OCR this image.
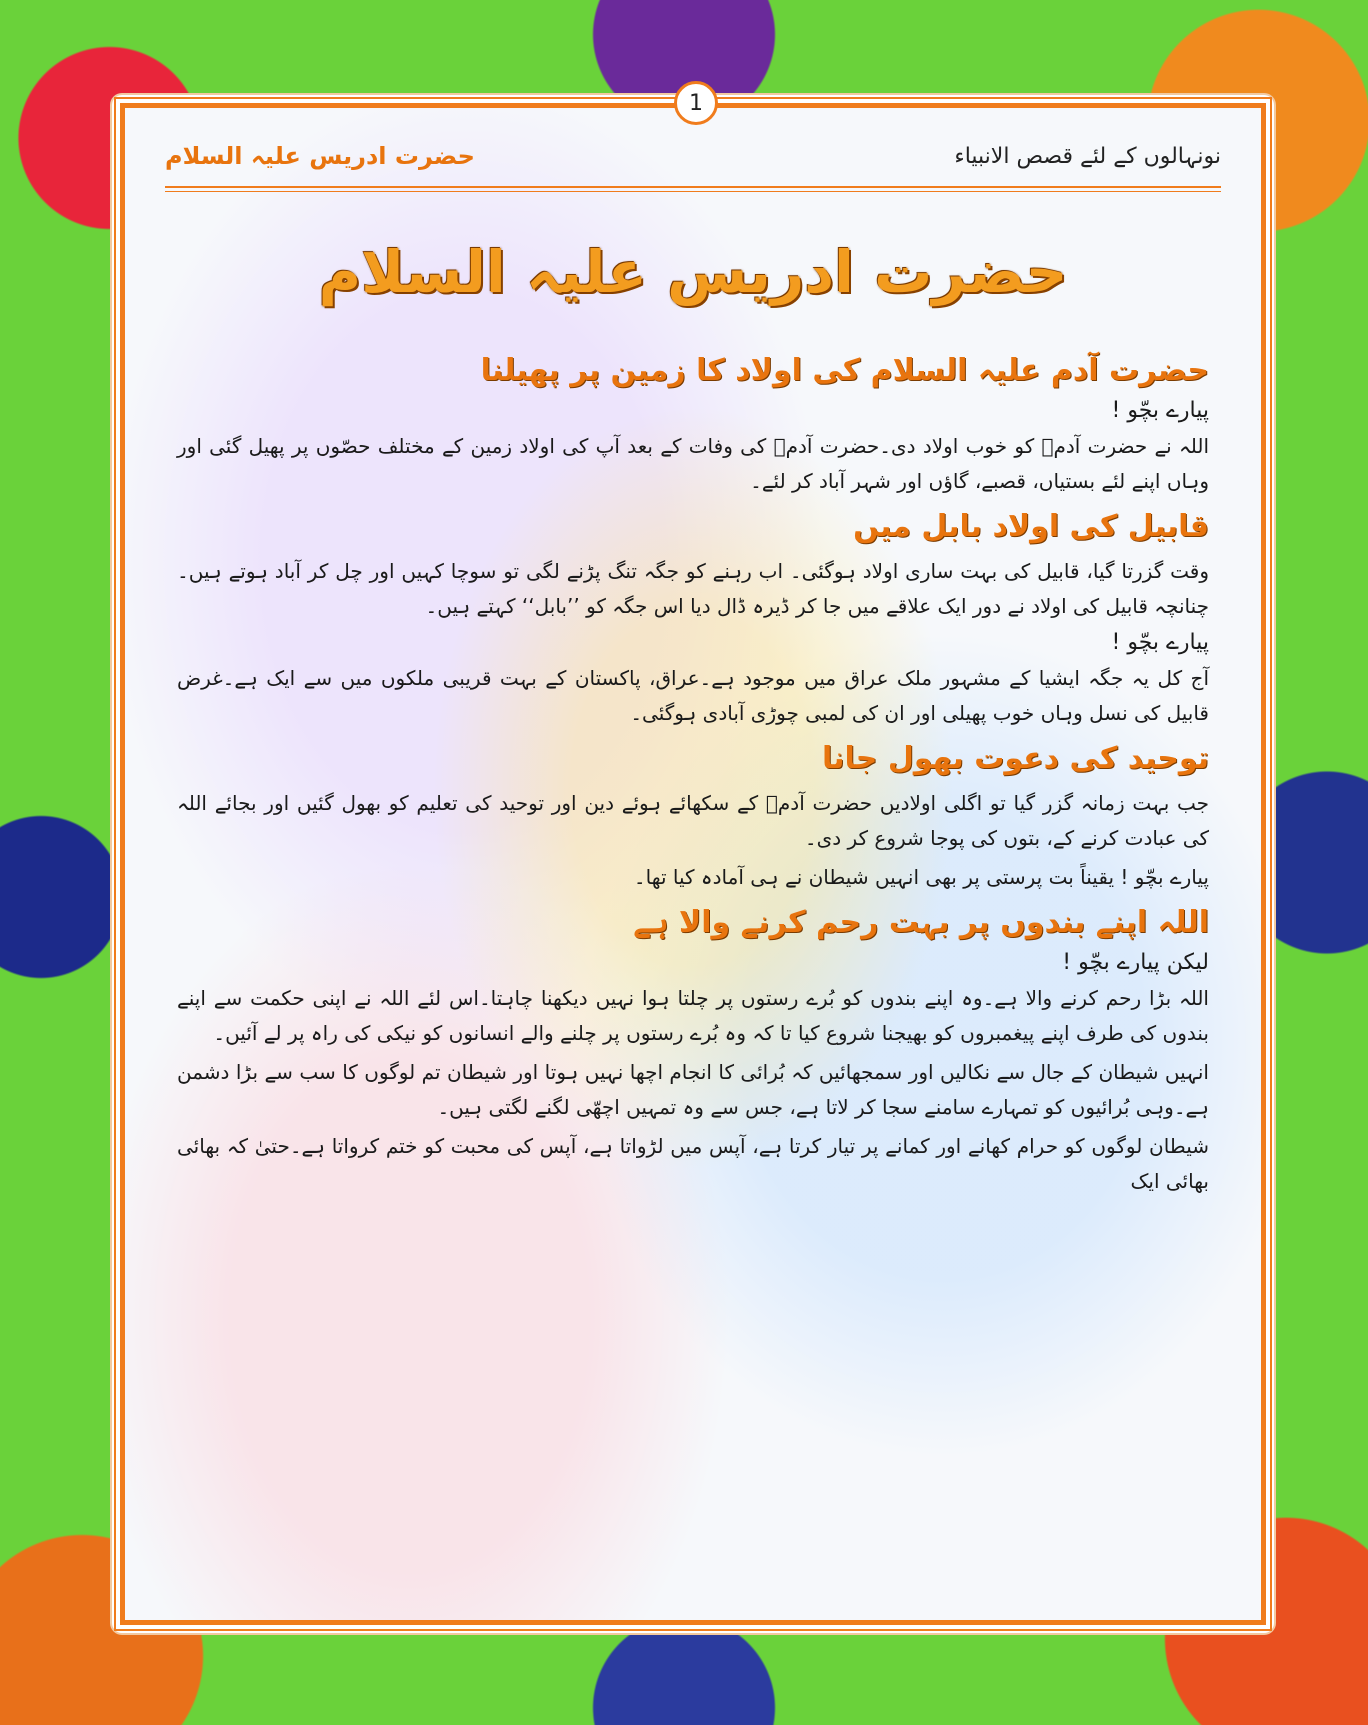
1
نونہالوں کے لئے قصص الانبیاء
حضرت ادریس علیہ السلام
حضرت ادریس علیہ السلام
حضرت آدم علیہ السلام کی اولاد کا زمین پر پھیلنا
پیارے بچّو !

اللہ نے حضرت آدمؑ کو خوب اولاد دی۔حضرت آدمؑ کی وفات کے بعد آپ کی اولاد زمین کے مختلف حصّوں پر پھیل گئی اور وہاں اپنے لئے بستیاں، قصبے، گاؤں اور شہر آباد کر لئے۔

قابیل کی اولاد بابل میں

وقت گزرتا گیا، قابیل کی بہت ساری اولاد ہوگئی۔ اب رہنے کو جگہ تنگ پڑنے لگی تو سوچا کہیں اور چل کر آباد ہوتے ہیں۔ چنانچہ قابیل کی اولاد نے دور ایک علاقے میں جا کر ڈیرہ ڈال دیا اس جگہ کو ’’بابل‘‘ کہتے ہیں۔

پیارے بچّو !

آج کل یہ جگہ ایشیا کے مشہور ملک عراق میں موجود ہے۔عراق، پاکستان کے بہت قریبی ملکوں میں سے ایک ہے۔غرض قابیل کی نسل وہاں خوب پھیلی اور ان کی لمبی چوڑی آبادی ہوگئی۔

توحید کی دعوت بھول جانا

جب بہت زمانہ گزر گیا تو اگلی اولادیں حضرت آدمؑ کے سکھائے ہوئے دین اور توحید کی تعلیم کو بھول گئیں اور بجائے اللہ کی عبادت کرنے کے، بتوں کی پوجا شروع کر دی۔

پیارے بچّو ! یقیناً بت پرستی پر بھی انہیں شیطان نے ہی آمادہ کیا تھا۔

اللہ اپنے بندوں پر بہت رحم کرنے والا ہے
لیکن پیارے بچّو !

اللہ بڑا رحم کرنے والا ہے۔وہ اپنے بندوں کو بُرے رستوں پر چلتا ہوا نہیں دیکھنا چاہتا۔اس لئے اللہ نے اپنی حکمت سے اپنے بندوں کی طرف اپنے پیغمبروں کو بھیجنا شروع کیا تا کہ وہ بُرے رستوں پر چلنے والے انسانوں کو نیکی کی راہ پر لے آئیں۔

انہیں شیطان کے جال سے نکالیں اور سمجھائیں کہ بُرائی کا انجام اچھا نہیں ہوتا اور شیطان تم لوگوں کا سب سے بڑا دشمن ہے۔وہی بُرائیوں کو تمہارے سامنے سجا کر لاتا ہے، جس سے وہ تمہیں اچھّی لگنے لگتی ہیں۔

شیطان لوگوں کو حرام کھانے اور کمانے پر تیار کرتا ہے، آپس میں لڑواتا ہے، آپس کی محبت کو ختم کرواتا ہے۔حتیٰ کہ بھائی بھائی ایک
